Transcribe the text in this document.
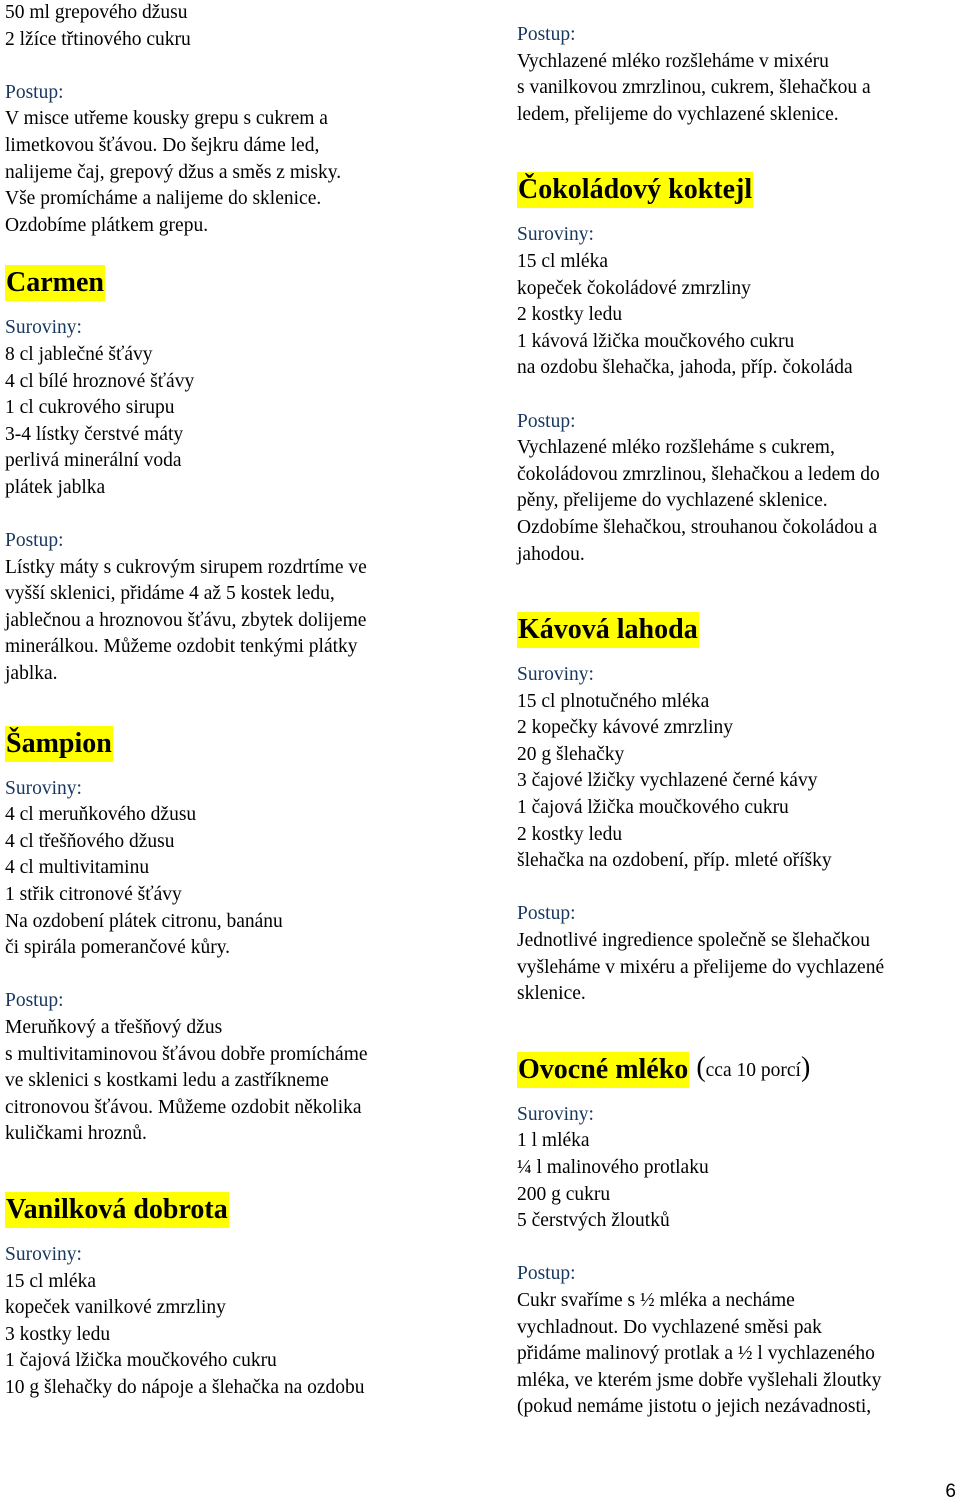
50 ml grepového džusu
2 lžíce třtinového cukru
Postup:
V misce utřeme kousky grepu s cukrem a
limetkovou šťávou. Do šejkru dáme led,
nalijeme čaj, grepový džus a směs z misky.
Vše promícháme a nalijeme do sklenice.
Ozdobíme plátkem grepu.
Carmen
Suroviny:
8 cl jablečné šťávy
4 cl bílé hroznové šťávy
1 cl cukrového sirupu
3-4 lístky čerstvé máty
perlivá minerální voda
plátek jablka
Postup:
Lístky máty s cukrovým sirupem rozdrtíme ve
vyšší sklenici, přidáme 4 až 5 kostek ledu,
jablečnou a hroznovou šťávu, zbytek dolijeme
minerálkou. Můžeme ozdobit tenkými plátky
jablka.
Šampion
Suroviny:
4 cl meruňkového džusu
4 cl třešňového džusu
4 cl multivitaminu
1 střik citronové šťávy
Na ozdobení plátek citronu, banánu
či spirála pomerančové kůry.
Postup:
Meruňkový a třešňový džus
s multivitaminovou šťávou dobře promícháme
ve sklenici s kostkami ledu a zastříkneme
citronovou šťávou. Můžeme ozdobit několika
kuličkami hroznů.
Vanilková dobrota
Suroviny:
15 cl mléka
kopeček vanilkové zmrzliny
3 kostky ledu
1 čajová lžička moučkového cukru
10 g šlehačky do nápoje a šlehačka na ozdobu
Postup:
Vychlazené mléko rozšleháme v mixéru
s vanilkovou zmrzlinou, cukrem, šlehačkou a
ledem, přelijeme do vychlazené sklenice.
Čokoládový koktejl
Suroviny:
15 cl mléka
kopeček čokoládové zmrzliny
2 kostky ledu
1 kávová lžička moučkového cukru
na ozdobu šlehačka, jahoda, příp. čokoláda
Postup:
Vychlazené mléko rozšleháme s cukrem,
čokoládovou zmrzlinou, šlehačkou a ledem do
pěny, přelijeme do vychlazené sklenice.
Ozdobíme šlehačkou, strouhanou čokoládou a
jahodou.
Kávová lahoda
Suroviny:
15 cl plnotučného mléka
2 kopečky kávové zmrzliny
20 g šlehačky
3 čajové lžičky vychlazené černé kávy
1 čajová lžička moučkového cukru
2 kostky ledu
šlehačka na ozdobení, příp. mleté oříšky
Postup:
Jednotlivé ingredience společně se šlehačkou
vyšleháme v mixéru a přelijeme do vychlazené
sklenice.
Ovocné mléko (cca 10 porcí)
Suroviny:
1 l mléka
¼ l malinového protlaku
200 g cukru
5 čerstvých žloutků
Postup:
Cukr svaříme s ½ mléka a necháme
vychladnout. Do vychlazené směsi pak
přidáme malinový protlak a ½ l vychlazeného
mléka, ve kterém jsme dobře vyšlehali žloutky
(pokud nemáme jistotu o jejich nezávadnosti,
6
